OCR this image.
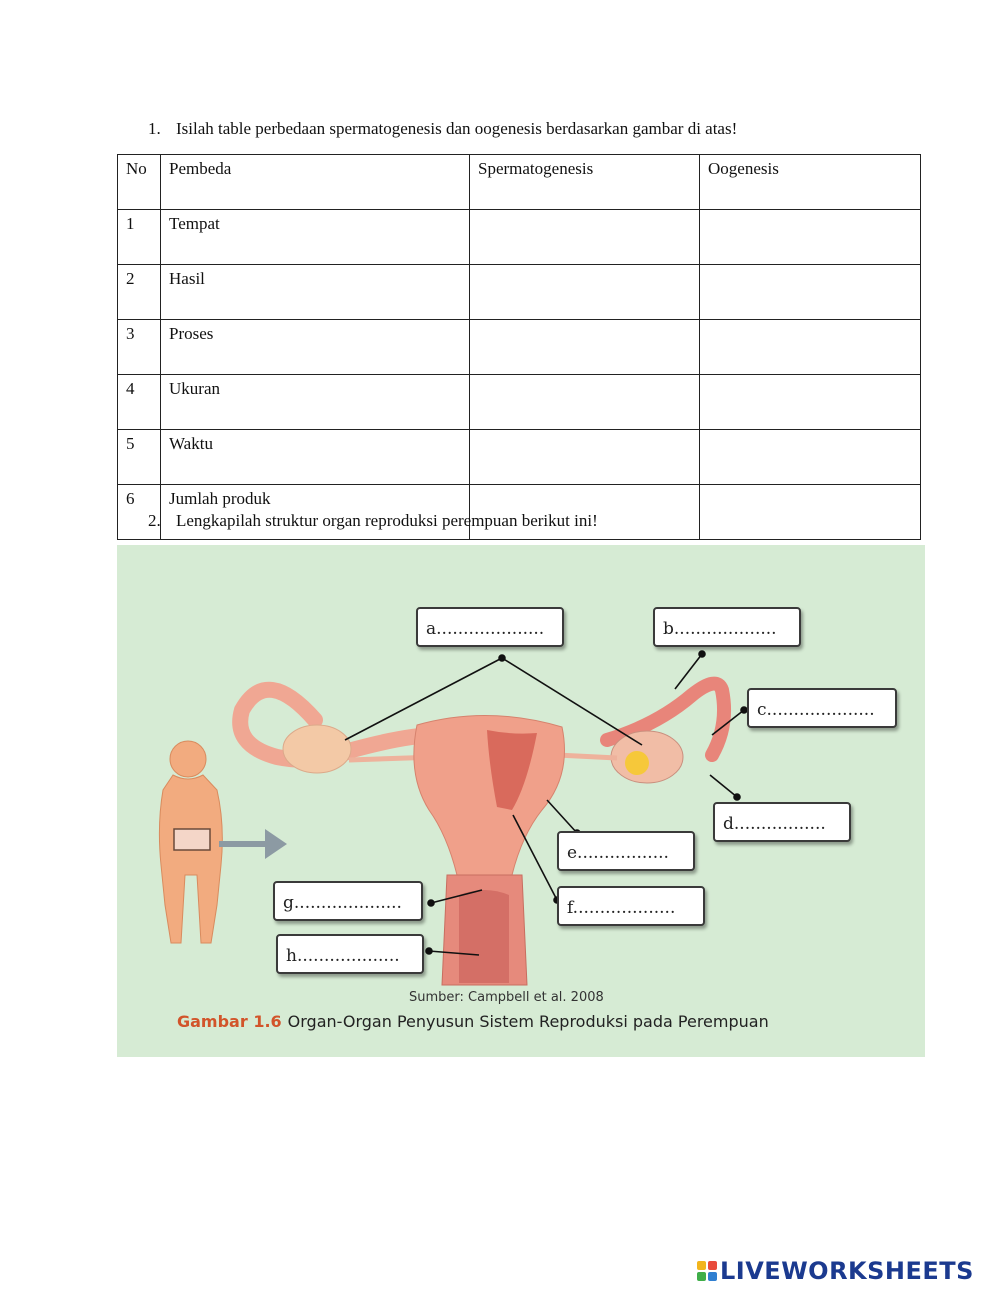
1. Isilah table perbedaan spermatogenesis dan oogenesis berdasarkan gambar di atas!
No	Pembeda	Spermatogenesis	Oogenesis
1	Tempat		
2	Hasil		
3	Proses		
4	Ukuran		
5	Waktu		
6	Jumlah produk		
2. Lengkapilah struktur organ reproduksi perempuan berikut ini!
a....................	b...................
c....................
d.................
e.................
f...................
g....................
h...................
Sumber: Campbell et al. 2008
Gambar 1.6 Organ-Organ Penyusun Sistem Reproduksi pada Perempuan
LIVEWORKSHEETS
